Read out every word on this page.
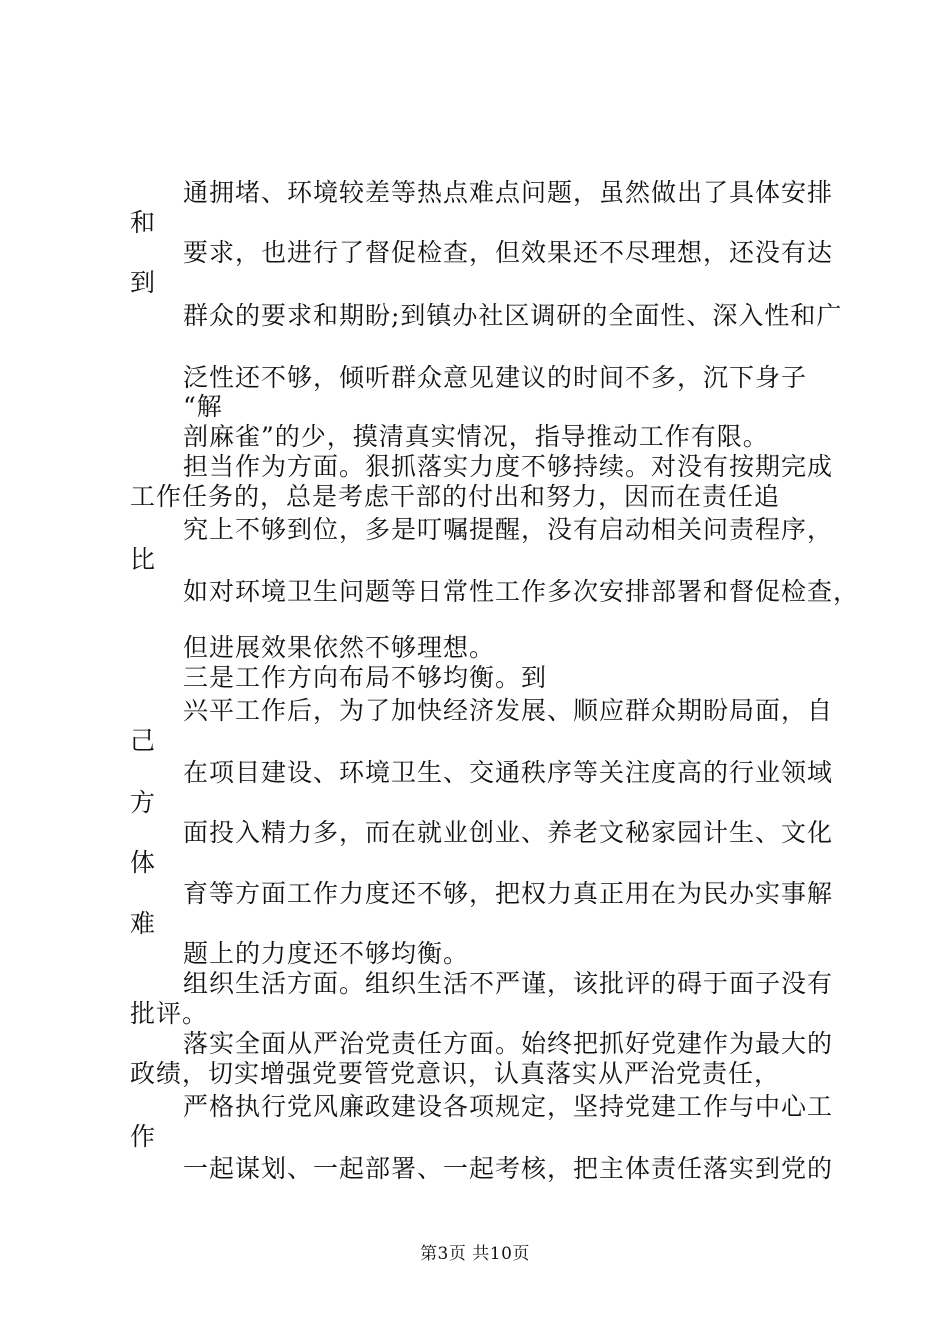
通拥堵、环境较差等热点难点问题，虽然做出了具体安排
和
要求，也进行了督促检查，但效果还不尽理想，还没有达
到
群众的要求和期盼;到镇办社区调研的全面性、深入性和广
泛性还不够，倾听群众意见建议的时间不多，沉下身子
“解
剖麻雀”的少，摸清真实情况，指导推动工作有限。
担当作为方面。狠抓落实力度不够持续。对没有按期完成
工作任务的，总是考虑干部的付出和努力，因而在责任追
究上不够到位，多是叮嘱提醒，没有启动相关问责程序，
比
如对环境卫生问题等日常性工作多次安排部署和督促检查，
但进展效果依然不够理想。
三是工作方向布局不够均衡。到
兴平工作后，为了加快经济发展、顺应群众期盼局面，自
己
在项目建设、环境卫生、交通秩序等关注度高的行业领域
方
面投入精力多，而在就业创业、养老文秘家园计生、文化
体
育等方面工作力度还不够，把权力真正用在为民办实事解
难
题上的力度还不够均衡。
组织生活方面。组织生活不严谨，该批评的碍于面子没有
批评。
落实全面从严治党责任方面。始终把抓好党建作为最大的
政绩，切实增强党要管党意识，认真落实从严治党责任，
严格执行党风廉政建设各项规定，坚持党建工作与中心工
作
一起谋划、一起部署、一起考核，把主体责任落实到党的
第3页 共10页
